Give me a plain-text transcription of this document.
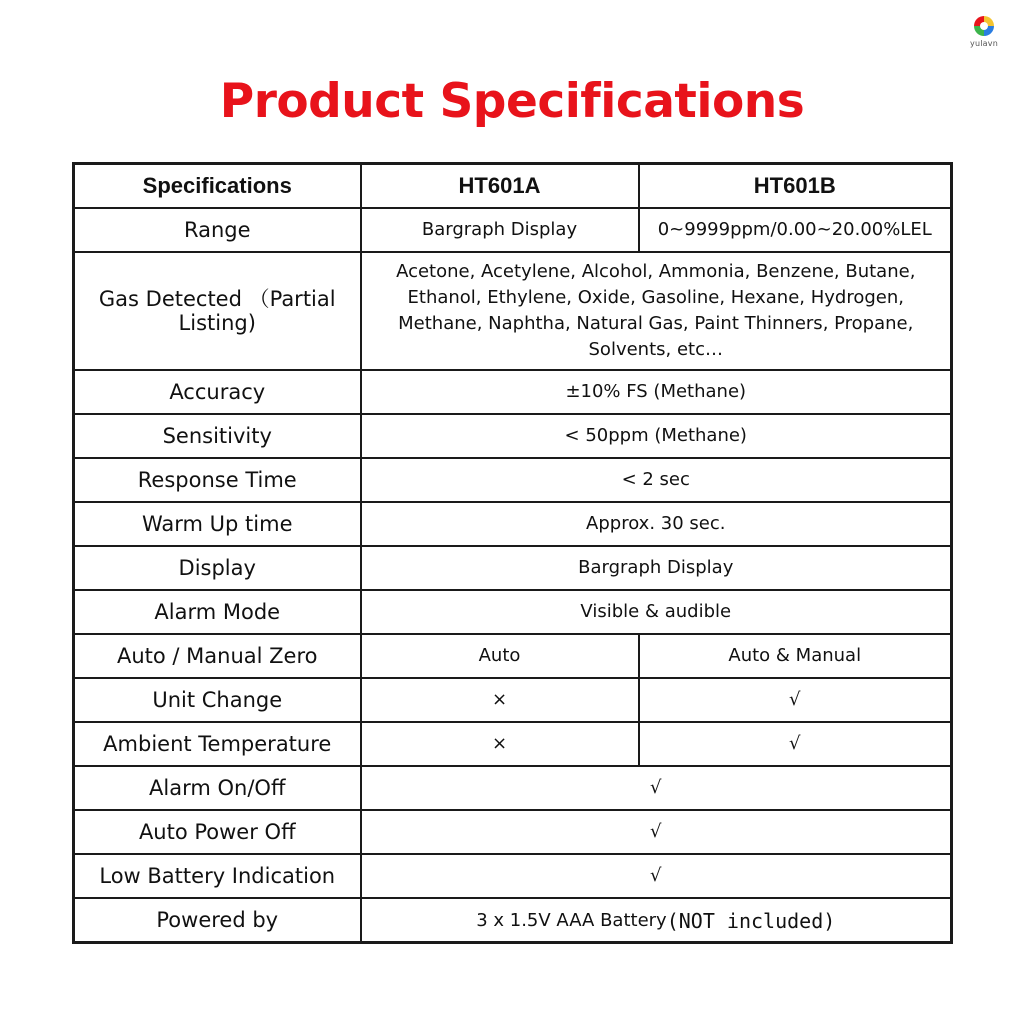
yulavn
Product Specifications
Specifications	HT601A	HT601B
Range	Bargraph Display	0~9999ppm/0.00~20.00%LEL
Gas Detected （Partial Listing)	Acetone, Acetylene, Alcohol, Ammonia, Benzene, Butane, Ethanol, Ethylene, Oxide, Gasoline, Hexane, Hydrogen, Methane, Naphtha, Natural Gas, Paint Thinners, Propane, Solvents, etc…	
Accuracy	±10% FS (Methane)	
Sensitivity	< 50ppm (Methane)	
Response Time	< 2 sec	
Warm Up time	Approx. 30 sec.	
Display	Bargraph Display	
Alarm Mode	Visible & audible	
Auto / Manual Zero	Auto	Auto & Manual
Unit Change	×	√
Ambient Temperature	×	√
Alarm On/Off	√	
Auto Power Off	√	
Low Battery Indication	√	
Powered by	3 x 1.5V AAA Battery(NOT included)	
